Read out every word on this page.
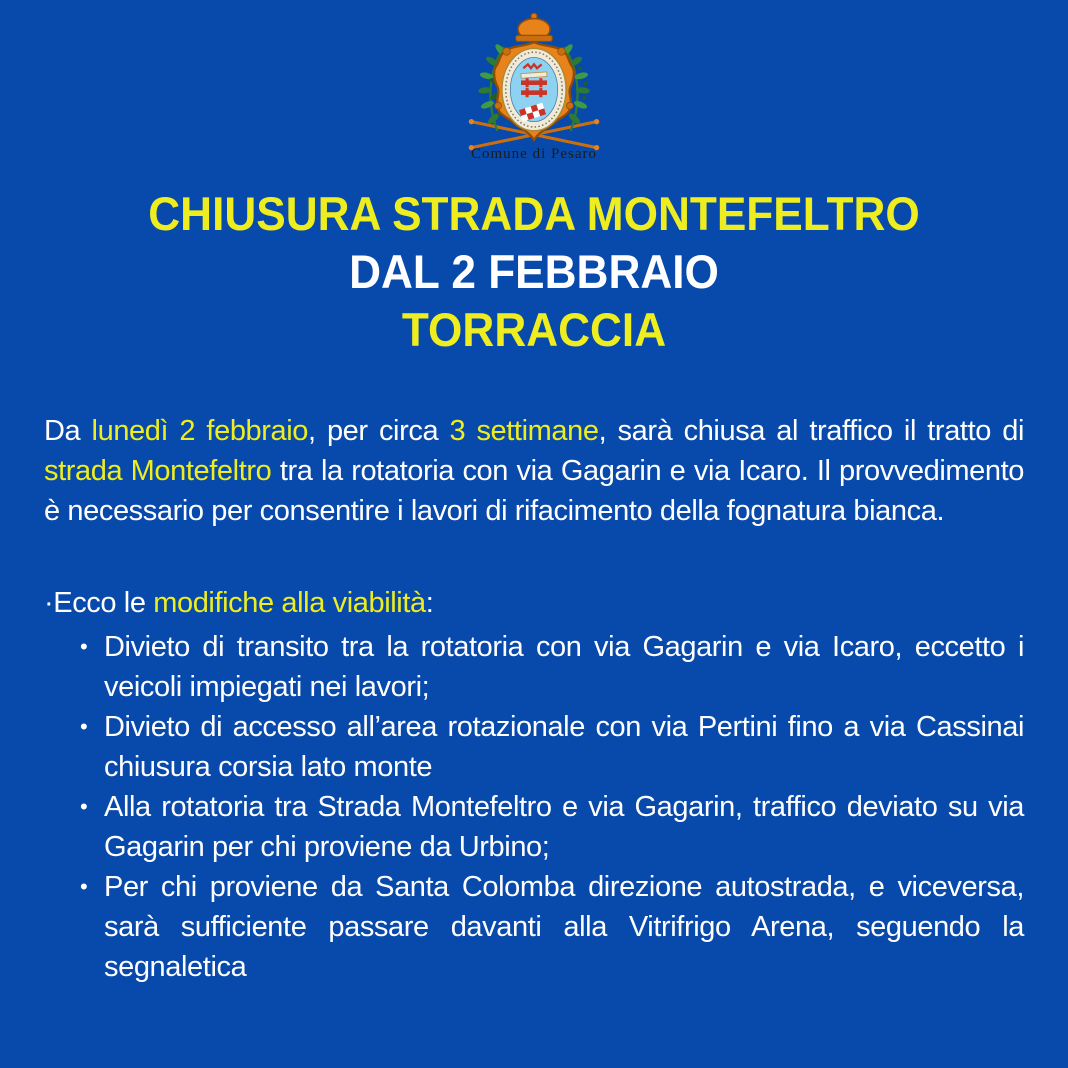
Comune di Pesaro
CHIUSURA STRADA MONTEFELTRO
DAL 2 FEBBRAIO
TORRACCIA

Da lunedì 2 febbraio, per circa 3 settimane, sarà chiusa al traffico il tratto di strada Montefeltro tra la rotatoria con via Gagarin e via Icaro. Il provvedimento è necessario per consentire i lavori di rifacimento della fognatura bianca.

·Ecco le modifiche alla viabilità:
• Divieto di transito tra la rotatoria con via Gagarin e via Icaro, eccetto i veicoli impiegati nei lavori;
• Divieto di accesso all’area rotazionale con via Pertini fino a via Cassinai chiusura corsia lato monte
• Alla rotatoria tra Strada Montefeltro e via Gagarin, traffico deviato su via Gagarin per chi proviene da Urbino;
• Per chi proviene da Santa Colomba direzione autostrada, e viceversa, sarà sufficiente passare davanti alla Vitrifrigo Arena, seguendo la segnaletica
